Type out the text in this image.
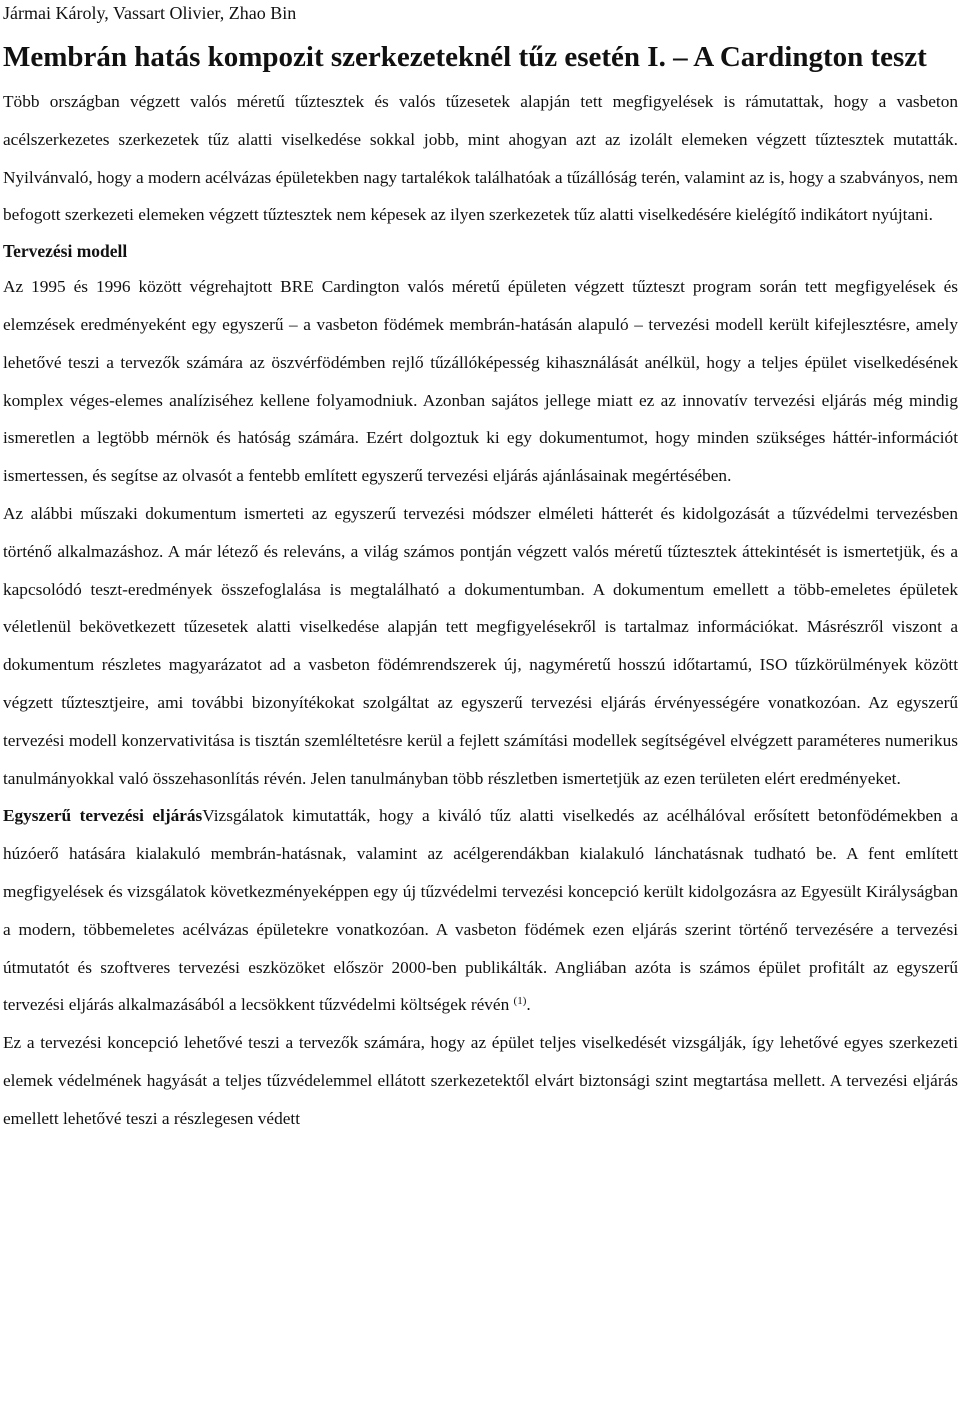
Jármai Károly, Vassart Olivier, Zhao Bin

Membrán hatás kompozit szerkezeteknél tűz esetén I. – A Cardington teszt

Több országban végzett valós méretű tűztesztek és valós tűzesetek alapján tett megfigyelések is rámutattak, hogy a vasbeton acélszerkezetes szerkezetek tűz alatti viselkedése sokkal jobb, mint ahogyan azt az izolált elemeken végzett tűztesztek mutatták. Nyilvánvaló, hogy a modern acélvázas épületekben nagy tartalékok találhatóak a tűzállóság terén, valamint az is, hogy a szabványos, nem befogott szerkezeti elemeken végzett tűztesztek nem képesek az ilyen szerkezetek tűz alatti viselkedésére kielégítő indikátort nyújtani.

Tervezési modell

Az 1995 és 1996 között végrehajtott BRE Cardington valós méretű épületen végzett tűzteszt program során tett megfigyelések és elemzések eredményeként egy egyszerű – a vasbeton födémek membrán-hatásán alapuló – tervezési modell került kifejlesztésre, amely lehetővé teszi a tervezők számára az öszvérfödémben rejlő tűzállóképesség kihasználását anélkül, hogy a teljes épület viselkedésének komplex véges-elemes analíziséhez kellene folyamodniuk. Azonban sajátos jellege miatt ez az innovatív tervezési eljárás még mindig ismeretlen a legtöbb mérnök és hatóság számára. Ezért dolgoztuk ki egy dokumentumot, hogy minden szükséges háttér-információt ismertessen, és segítse az olvasót a fentebb említett egyszerű tervezési eljárás ajánlásainak megértésében.

Az alábbi műszaki dokumentum ismerteti az egyszerű tervezési módszer elméleti hátterét és kidolgozását a tűzvédelmi tervezésben történő alkalmazáshoz. A már létező és releváns, a világ számos pontján végzett valós méretű tűztesztek áttekintését is ismertetjük, és a kapcsolódó teszt-eredmények összefoglalása is megtalálható a dokumentumban. A dokumentum emellett a több-emeletes épületek véletlenül bekövetkezett tűzesetek alatti viselkedése alapján tett megfigyelésekről is tartalmaz információkat. Másrészről viszont a dokumentum részletes magyarázatot ad a vasbeton födémrendszerek új, nagyméretű hosszú időtartamú, ISO tűzkörülmények között végzett tűztesztjeire, ami további bizonyítékokat szolgáltat az egyszerű tervezési eljárás érvényességére vonatkozóan. Az egyszerű tervezési modell konzervativitása is tisztán szemléltetésre kerül a fejlett számítási modellek segítségével elvégzett paraméteres numerikus tanulmányokkal való összehasonlítás révén. Jelen tanulmányban több részletben ismertetjük az ezen területen elért eredményeket.

Egyszerű tervezési eljárásVizsgálatok kimutatták, hogy a kiváló tűz alatti viselkedés az acélhálóval erősített betonfödémekben a húzóerő hatására kialakuló membrán-hatásnak, valamint az acélgerendákban kialakuló lánchatásnak tudható be. A fent említett megfigyelések és vizsgálatok következményeképpen egy új tűzvédelmi tervezési koncepció került kidolgozásra az Egyesült Királyságban a modern, többemeletes acélvázas épületekre vonatkozóan. A vasbeton födémek ezen eljárás szerint történő tervezésére a tervezési útmutatót és szoftveres tervezési eszközöket először 2000-ben publikálták. Angliában azóta is számos épület profitált az egyszerű tervezési eljárás alkalmazásából a lecsökkent tűzvédelmi költségek révén $^{(1)}$.

Ez a tervezési koncepció lehetővé teszi a tervezők számára, hogy az épület teljes viselkedését vizsgálják, így lehetővé egyes szerkezeti elemek védelmének hagyását a teljes tűzvédelemmel ellátott szerkezetektől elvárt biztonsági szint megtartása mellett. A tervezési eljárás emellett lehetővé teszi a részlegesen védett
